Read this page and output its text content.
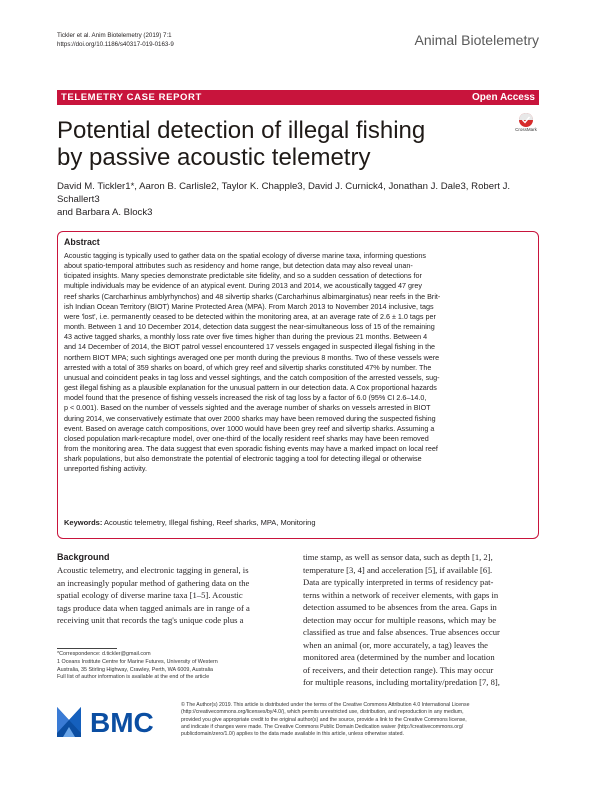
Tickler et al. Anim Biotelemetry (2019) 7:1
https://doi.org/10.1186/s40317-019-0163-9	Animal Biotelemetry
TELEMETRY CASE REPORT	Open Access
CrossMark
Potential detection of illegal fishing
by passive acoustic telemetry
David M. Tickler1*, Aaron B. Carlisle2, Taylor K. Chapple3, David J. Curnick4, Jonathan J. Dale3, Robert J. Schallert3
and Barbara A. Block3
Abstract
Acoustic tagging is typically used to gather data on the spatial ecology of diverse marine taxa, informing questions
about spatio-temporal attributes such as residency and home range, but detection data may also reveal unan-
ticipated insights. Many species demonstrate predictable site fidelity, and so a sudden cessation of detections for
multiple individuals may be evidence of an atypical event. During 2013 and 2014, we acoustically tagged 47 grey
reef sharks (Carcharhinus amblyrhynchos) and 48 silvertip sharks (Carcharhinus albimarginatus) near reefs in the Brit-
ish Indian Ocean Territory (BIOT) Marine Protected Area (MPA). From March 2013 to November 2014 inclusive, tags
were 'lost', i.e. permanently ceased to be detected within the monitoring area, at an average rate of 2.6 ± 1.0 tags per
month. Between 1 and 10 December 2014, detection data suggest the near-simultaneous loss of 15 of the remaining
43 active tagged sharks, a monthly loss rate over five times higher than during the previous 21 months. Between 4
and 14 December of 2014, the BIOT patrol vessel encountered 17 vessels engaged in suspected illegal fishing in the
northern BIOT MPA; such sightings averaged one per month during the previous 8 months. Two of these vessels were
arrested with a total of 359 sharks on board, of which grey reef and silvertip sharks constituted 47% by number. The
unusual and coincident peaks in tag loss and vessel sightings, and the catch composition of the arrested vessels, sug-
gest illegal fishing as a plausible explanation for the unusual pattern in our detection data. A Cox proportional hazards
model found that the presence of fishing vessels increased the risk of tag loss by a factor of 6.0 (95% CI 2.6–14.0,
p < 0.001). Based on the number of vessels sighted and the average number of sharks on vessels arrested in BIOT
during 2014, we conservatively estimate that over 2000 sharks may have been removed during the suspected fishing
event. Based on average catch compositions, over 1000 would have been grey reef and silvertip sharks. Assuming a
closed population mark-recapture model, over one-third of the locally resident reef sharks may have been removed
from the monitoring area. The data suggest that even sporadic fishing events may have a marked impact on local reef
shark populations, but also demonstrate the potential of electronic tagging a tool for detecting illegal or otherwise
unreported fishing activity.
Keywords: Acoustic telemetry, Illegal fishing, Reef sharks, MPA, Monitoring
Background
Acoustic telemetry, and electronic tagging in general, is
an increasingly popular method of gathering data on the
spatial ecology of diverse marine taxa [1–5]. Acoustic
tags produce data when tagged animals are in range of a
receiving unit that records the tag's unique code plus a
time stamp, as well as sensor data, such as depth [1, 2],
temperature [3, 4] and acceleration [5], if available [6].
Data are typically interpreted in terms of residency pat-
terns within a network of receiver elements, with gaps in
detection assumed to be absences from the area. Gaps in
detection may occur for multiple reasons, which may be
classified as true and false absences. True absences occur
when an animal (or, more accurately, a tag) leaves the
monitored area (determined by the number and location
of receivers, and their detection range). This may occur
for multiple reasons, including mortality/predation [7, 8],
*Correspondence: d.tickler@gmail.com
1 Oceans Institute Centre for Marine Futures, University of Western
Australia, 35 Stirling Highway, Crawley, Perth, WA 6009, Australia
Full list of author information is available at the end of the article
BMC
© The Author(s) 2019. This article is distributed under the terms of the Creative Commons Attribution 4.0 International License
(http://creativecommons.org/licenses/by/4.0/), which permits unrestricted use, distribution, and reproduction in any medium,
provided you give appropriate credit to the original author(s) and the source, provide a link to the Creative Commons license,
and indicate if changes were made. The Creative Commons Public Domain Dedication waiver (http://creativecommons.org/
publicdomain/zero/1.0/) applies to the data made available in this article, unless otherwise stated.
